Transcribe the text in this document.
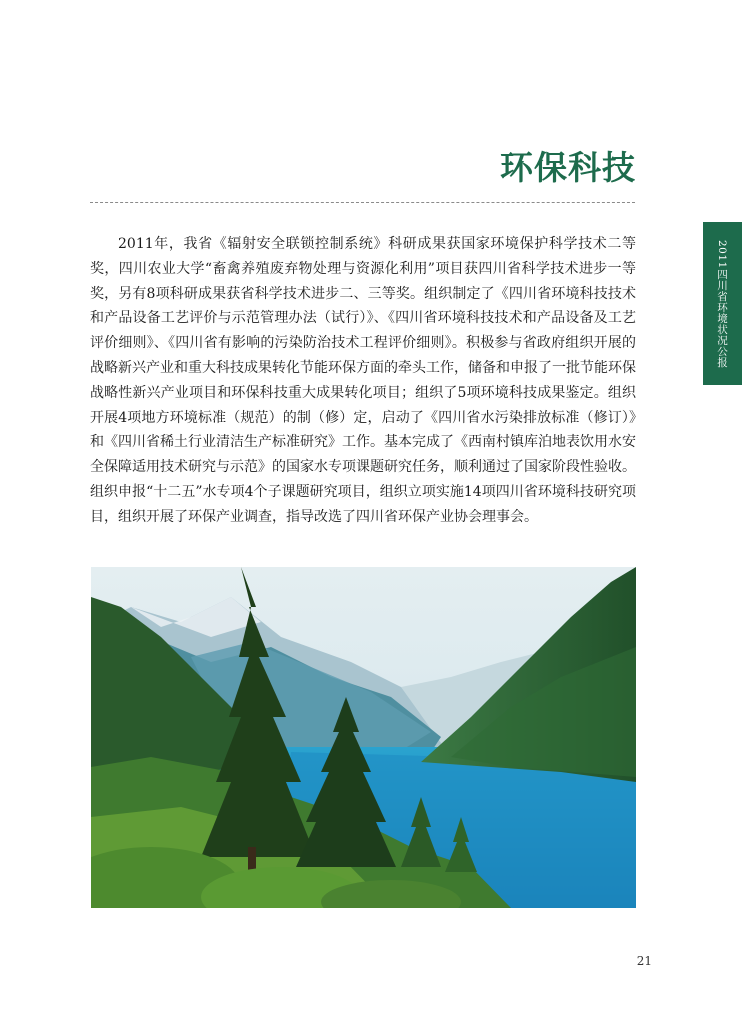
环保科技
2011四川省环境状况公报

2011年，我省《辐射安全联锁控制系统》科研成果获国家环境保护科学技术二等奖，四川农业大学“畜禽养殖废弃物处理与资源化利用”项目获四川省科学技术进步一等奖，另有8项科研成果获省科学技术进步二、三等奖。组织制定了《四川省环境科技技术和产品设备工艺评价与示范管理办法（试行）》、《四川省环境科技技术和产品设备及工艺评价细则》、《四川省有影响的污染防治技术工程评价细则》。积极参与省政府组织开展的战略新兴产业和重大科技成果转化节能环保方面的牵头工作，储备和申报了一批节能环保战略性新兴产业项目和环保科技重大成果转化项目；组织了5项环境科技成果鉴定。组织开展4项地方环境标准（规范）的制（修）定，启动了《四川省水污染排放标准（修订）》和《四川省稀土行业清洁生产标准研究》工作。基本完成了《西南村镇库泊地表饮用水安全保障适用技术研究与示范》的国家水专项课题研究任务，顺利通过了国家阶段性验收。组织申报“十二五”水专项4个子课题研究项目，组织立项实施14项四川省环境科技研究项目，组织开展了环保产业调查，指导改选了四川省环保产业协会理事会。

21
